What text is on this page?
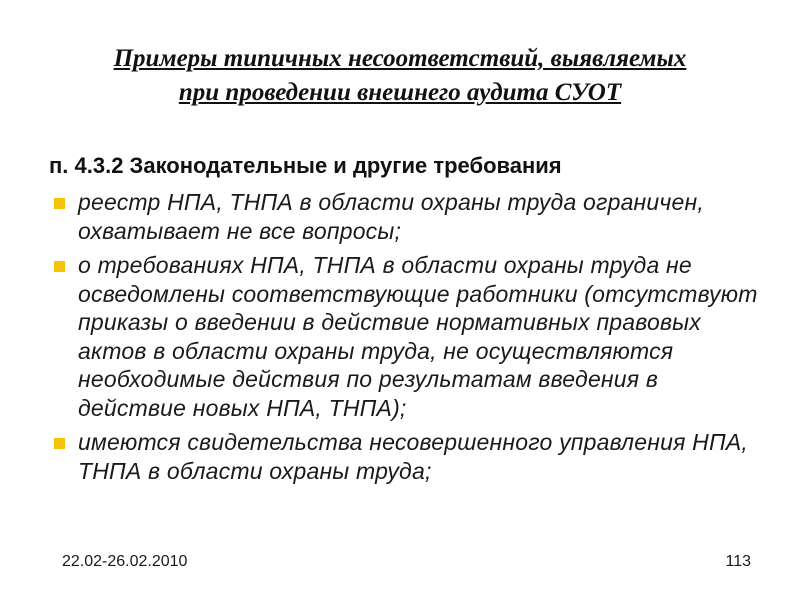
Примеры типичных несоответствий, выявляемых
при проведении внешнего аудита СУОТ

п. 4.3.2 Законодательные и другие требования

реестр НПА, ТНПА в области охраны труда ограничен, охватывает не все вопросы;
о требованиях НПА, ТНПА в области охраны труда не осведомлены соответствующие работники (отсутствуют приказы о введении в действие нормативных правовых актов в области охраны труда, не осуществляются необходимые действия по результатам введения в действие новых НПА, ТНПА);
имеются свидетельства несовершенного управления НПА, ТНПА в области охраны труда;
22.02-26.02.2010	113
